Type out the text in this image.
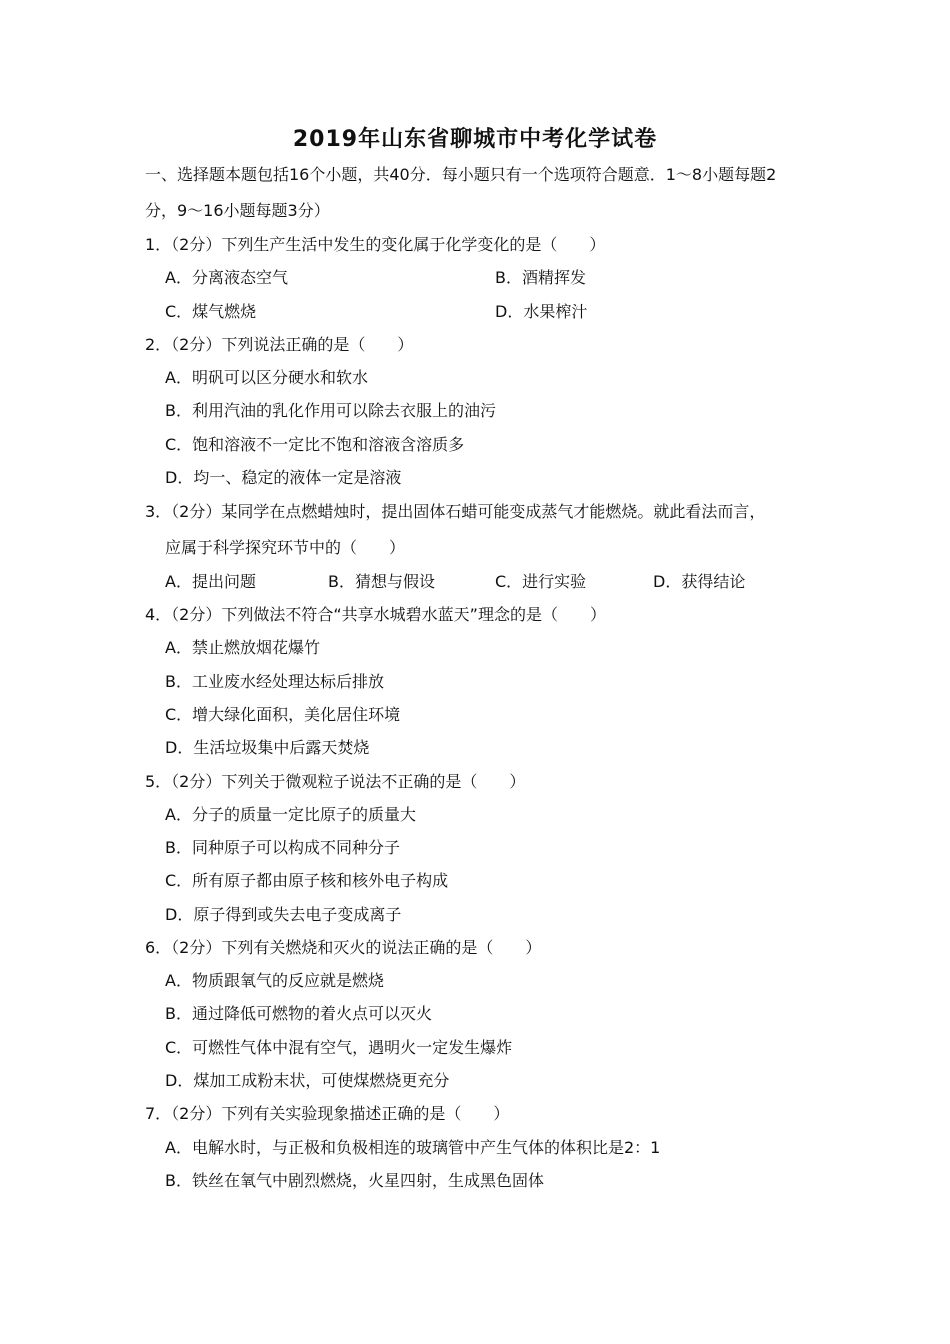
2019年山东省聊城市中考化学试卷
一、选择题本题包括16个小题，共40分．每小题只有一个选项符合题意．1～8小题每题2
分，9～16小题每题3分）
1．（2分）下列生产生活中发生的变化属于化学变化的是（　　）
A．分离液态空气	B．酒精挥发
C．煤气燃烧	D．水果榨汁
2．（2分）下列说法正确的是（　　）
A．明矾可以区分硬水和软水
B．利用汽油的乳化作用可以除去衣服上的油污
C．饱和溶液不一定比不饱和溶液含溶质多
D．均一、稳定的液体一定是溶液
3．（2分）某同学在点燃蜡烛时，提出固体石蜡可能变成蒸气才能燃烧。就此看法而言，
应属于科学探究环节中的（　　）
A．提出问题	B．猜想与假设	C．进行实验	D．获得结论
4．（2分）下列做法不符合“共享水城碧水蓝天”理念的是（　　）
A．禁止燃放烟花爆竹
B．工业废水经处理达标后排放
C．增大绿化面积，美化居住环境
D．生活垃圾集中后露天焚烧
5．（2分）下列关于微观粒子说法不正确的是（　　）
A．分子的质量一定比原子的质量大
B．同种原子可以构成不同种分子
C．所有原子都由原子核和核外电子构成
D．原子得到或失去电子变成离子
6．（2分）下列有关燃烧和灭火的说法正确的是（　　）
A．物质跟氧气的反应就是燃烧
B．通过降低可燃物的着火点可以灭火
C．可燃性气体中混有空气，遇明火一定发生爆炸
D．煤加工成粉末状，可使煤燃烧更充分
7．（2分）下列有关实验现象描述正确的是（　　）
A．电解水时，与正极和负极相连的玻璃管中产生气体的体积比是2：1
B．铁丝在氧气中剧烈燃烧，火星四射，生成黑色固体
